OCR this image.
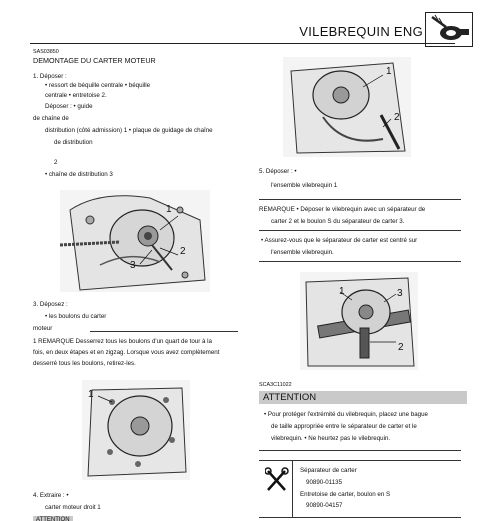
VILEBREQUIN ENG
SAS03850
DEMONTAGE DU CARTER MOTEUR
1. Déposer :
• ressort de béquille centrale • béquille
centrale • entretoise 2.
Déposer : • guide
de chaîne de
distribution (côté admission) 1 • plaque de guidage de chaîne
de distribution
2
• chaîne de distribution 3
1
2
3
3. Déposez :
• les boulons du carter
moteur
1 REMARQUE Desserrez tous les boulons d'un quart de tour à la
fois, en deux étapes et en zigzag. Lorsque vous avez complètement
desserré tous les boulons, retirez-les.
1
4. Extraire : •
carter moteur droit 1
ATTENTION
1
2
5. Déposer : •
l'ensemble vilebrequin 1
REMARQUE • Déposer le vilebrequin avec un séparateur de
carter 2 et le boulon S du séparateur de carter 3.
• Assurez-vous que le séparateur de carter est centré sur
l'ensemble vilebrequin.
1	3
2
SCA3C11022
ATTENTION
• Pour protéger l'extrémité du vilebrequin, placez une bague
de taille appropriée entre le séparateur de carter et le
vilebrequin. • Ne heurtez pas le vilebrequin.
Séparateur de carter
90890-01135
Entretoise de carter, boulon en S
90890-04157
